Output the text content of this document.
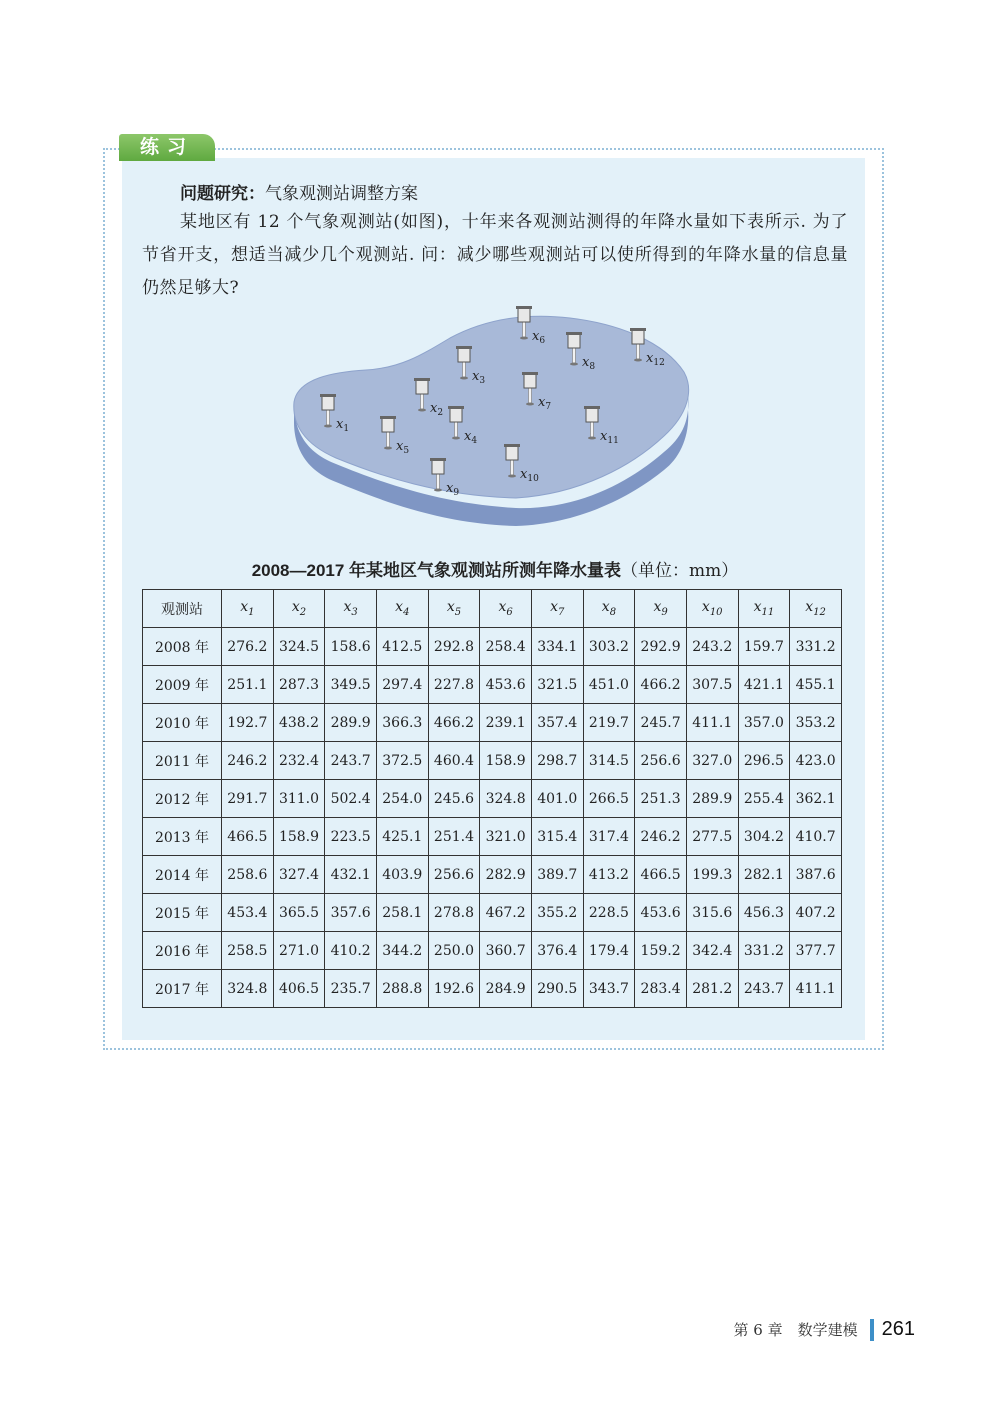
练习
问题研究：气象观测站调整方案
某地区有 12 个气象观测站(如图)，十年来各观测站测得的年降水量如下表所示. 为了节省开支，想适当减少几个观测站. 问：减少哪些观测站可以使所得到的年降水量的信息量仍然足够大?
$x_1$
$x_2$
$x_3$
$x_4$
$x_5$
$x_6$
$x_7$
$x_8$
$x_9$
$x_{10}$
$x_{11}$
$x_{12}$
2008—2017 年某地区气象观测站所测年降水量表（单位：mm）
观测站	$x_1$	$x_2$	$x_3$	$x_4$	$x_5$	$x_6$	$x_7$	$x_8$	$x_9$	$x_{10}$	$x_{11}$	$x_{12}$
2008 年	276.2	324.5	158.6	412.5	292.8	258.4	334.1	303.2	292.9	243.2	159.7	331.2
2009 年	251.1	287.3	349.5	297.4	227.8	453.6	321.5	451.0	466.2	307.5	421.1	455.1
2010 年	192.7	438.2	289.9	366.3	466.2	239.1	357.4	219.7	245.7	411.1	357.0	353.2
2011 年	246.2	232.4	243.7	372.5	460.4	158.9	298.7	314.5	256.6	327.0	296.5	423.0
2012 年	291.7	311.0	502.4	254.0	245.6	324.8	401.0	266.5	251.3	289.9	255.4	362.1
2013 年	466.5	158.9	223.5	425.1	251.4	321.0	315.4	317.4	246.2	277.5	304.2	410.7
2014 年	258.6	327.4	432.1	403.9	256.6	282.9	389.7	413.2	466.5	199.3	282.1	387.6
2015 年	453.4	365.5	357.6	258.1	278.8	467.2	355.2	228.5	453.6	315.6	456.3	407.2
2016 年	258.5	271.0	410.2	344.2	250.0	360.7	376.4	179.4	159.2	342.4	331.2	377.7
2017 年	324.8	406.5	235.7	288.8	192.6	284.9	290.5	343.7	283.4	281.2	243.7	411.1
第 6 章　数学建模 261
